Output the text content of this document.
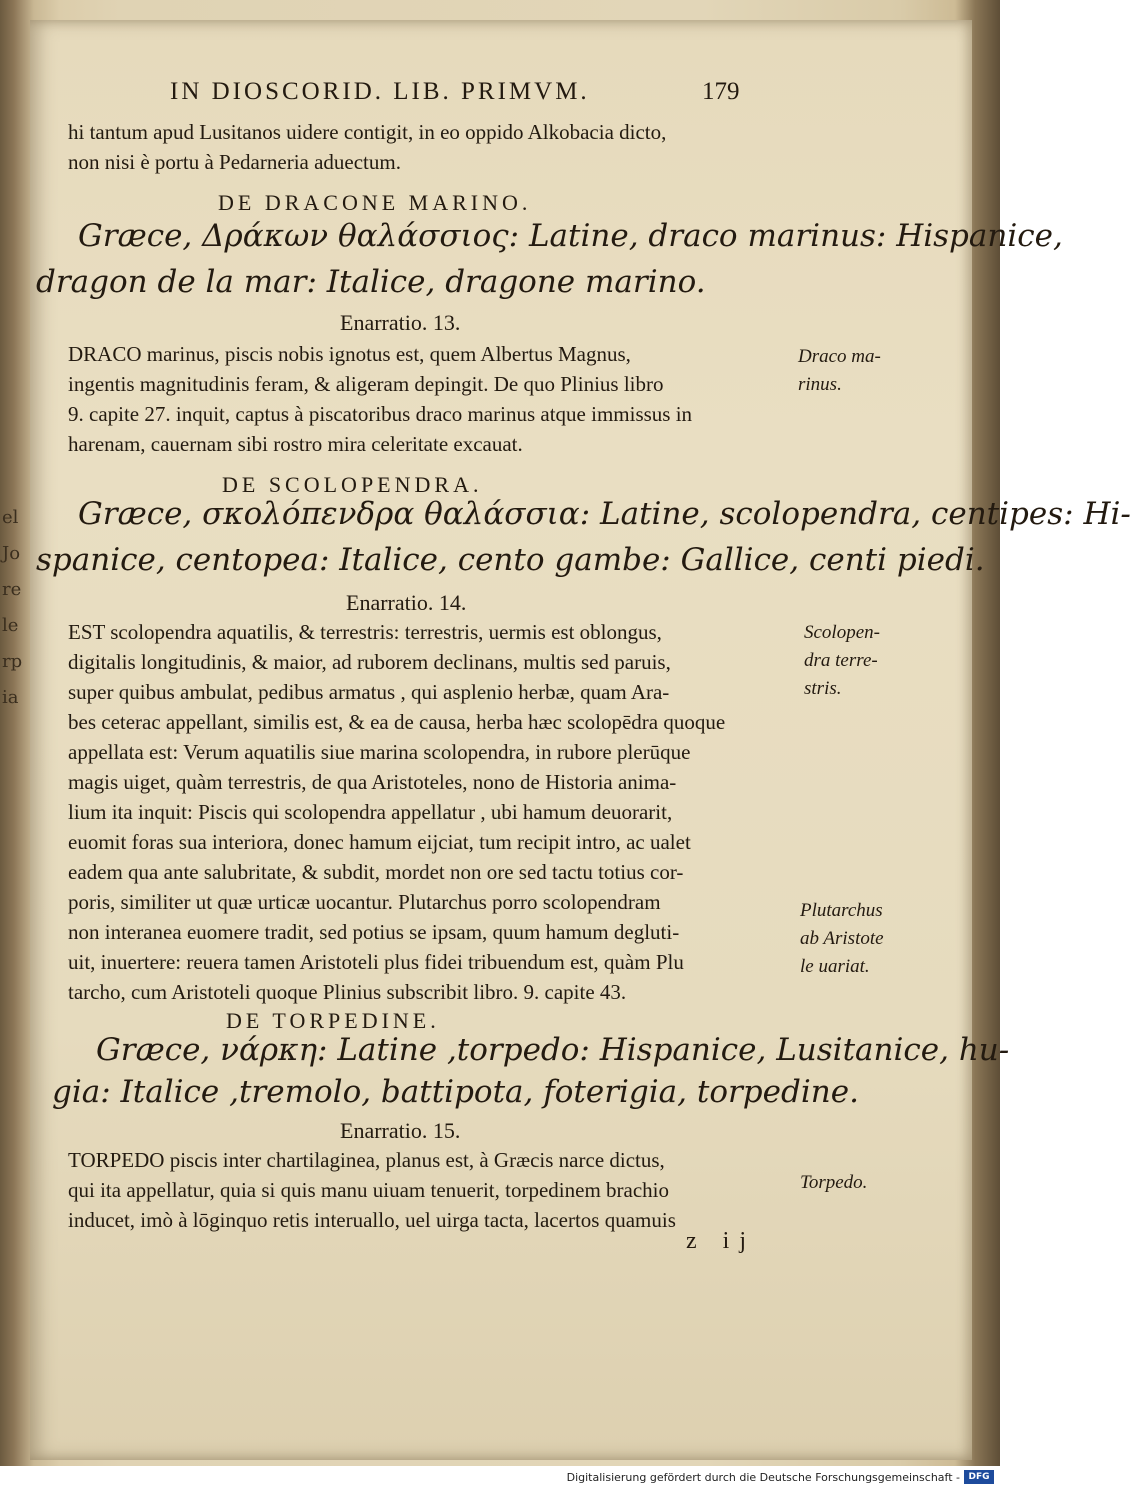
el
Jo
re
le
rp
ia
IN DIOSCORID. LIB. PRIMVM.	179
hi tantum apud Lusitanos uidere contigit, in eo oppido Alkobacia dicto,
non nisi è portu à Pedarneria aduectum.
DE DRACONE MARINO.
Græce, Δράκων θαλάσσιος: Latine, draco marinus: Hispanice,
dragon de la mar: Italice, dragone marino.
Enarratio. 13.
DRACO marinus, piscis nobis ignotus est, quem Albertus Magnus,
ingentis magnitudinis feram, & aligeram depingit. De quo Plinius libro
9. capite 27. inquit, captus à piscatoribus draco marinus atque immissus in
harenam, cauernam sibi rostro mira celeritate excauat.
Draco ma-
rinus.
DE SCOLOPENDRA.
Græce, σκολόπενδρα θαλάσσια: Latine, scolopendra, centipes: Hi-
spanice, centopea: Italice, cento gambe: Gallice, centi piedi.
Enarratio. 14.
EST scolopendra aquatilis, & terrestris: terrestris, uermis est oblongus,
digitalis longitudinis, & maior, ad ruborem declinans, multis sed paruis,
super quibus ambulat, pedibus armatus , qui asplenio herbæ, quam Ara-
bes ceterac appellant, similis est, & ea de causa, herba hæc scolopēdra quoque
appellata est: Verum aquatilis siue marina scolopendra, in rubore plerūque
magis uiget, quàm terrestris, de qua Aristoteles, nono de Historia anima-
lium ita inquit: Piscis qui scolopendra appellatur , ubi hamum deuorarit,
euomit foras sua interiora, donec hamum eijciat, tum recipit intro, ac ualet
eadem qua ante salubritate, & subdit, mordet non ore sed tactu totius cor-
poris, similiter ut quæ urticæ uocantur. Plutarchus porro scolopendram
non interanea euomere tradit, sed potius se ipsam, quum hamum degluti-
uit, inuertere: reuera tamen Aristoteli plus fidei tribuendum est, quàm Plu
tarcho, cum Aristoteli quoque Plinius subscribit libro. 9. capite 43.
Scolopen-
dra terre-
stris.
Plutarchus
ab Aristote
le uariat.
DE TORPEDINE.
Græce, νάρκη: Latine ,torpedo: Hispanice, Lusitanice, hu-
gia: Italice ,tremolo, battipota, foterigia, torpedine.
Enarratio. 15.
TORPEDO piscis inter chartilaginea, planus est, à Græcis narce dictus,
qui ita appellatur, quia si quis manu uiuam tenuerit, torpedinem brachio
inducet, imò à lōginquo retis interuallo, uel uirga tacta, lacertos quamuis
Torpedo.
z ij
Digitalisierung gefördert durch die Deutsche Forschungsgemeinschaft - DFG
